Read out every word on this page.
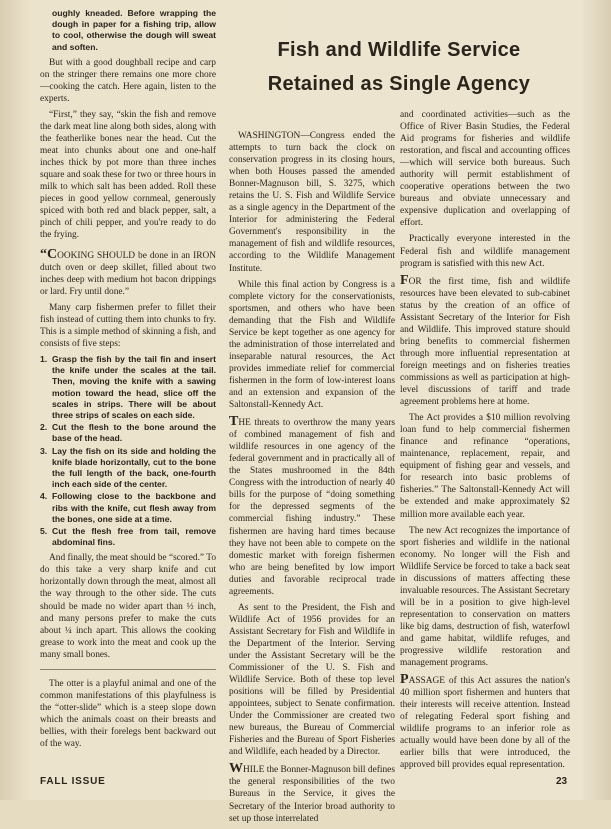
oughly kneaded. Before wrapping the dough in paper for a fishing trip, allow to cool, otherwise the dough will sweat and soften.

But with a good doughball recipe and carp on the stringer there remains one more chore—cooking the catch. Here again, listen to the experts.

“First,” they say, “skin the fish and remove the dark meat line along both sides, along with the featherlike bones near the head. Cut the meat into chunks about one and one-half inches thick by pot more than three inches square and soak these for two or three hours in milk to which salt has been added. Roll these pieces in good yellow cornmeal, generously spiced with both red and black pepper, salt, a pinch of chili pepper, and you're ready to do the frying.

“COOKING SHOULD be done in an IRON dutch oven or deep skillet, filled about two inches deep with medium hot bacon drippings or lard. Fry until done.”

Many carp fishermen prefer to fillet their fish instead of cutting them into chunks to fry. This is a simple method of skinning a fish, and consists of five steps:

1. Grasp the fish by the tail fin and insert the knife under the scales at the tail. Then, moving the knife with a sawing motion toward the head, slice off the scales in strips. There will be about three strips of scales on each side.
2. Cut the flesh to the bone around the base of the head.
3. Lay the fish on its side and holding the knife blade horizontally, cut to the bone the full length of the back, one-fourth inch each side of the center.
4. Following close to the backbone and ribs with the knife, cut flesh away from the bones, one side at a time.
5. Cut the flesh free from tail, remove abdominal fins.

And finally, the meat should be “scored.” To do this take a very sharp knife and cut horizontally down through the meat, almost all the way through to the other side. The cuts should be made no wider apart than ½ inch, and many persons prefer to make the cuts about ¼ inch apart. This allows the cooking grease to work into the meat and cook up the many small bones.

The otter is a playful animal and one of the common manifestations of this playfulness is the “otter-slide” which is a steep slope down which the animals coast on their breasts and bellies, with their forelegs bent backward out of the way.

Fish and Wildlife Service
Retained as Single Agency

WASHINGTON—Congress ended the attempts to turn back the clock on conservation progress in its closing hours, when both Houses passed the amended Bonner-Magnuson bill, S. 3275, which retains the U. S. Fish and Wildlife Service as a single agency in the Department of the Interior for administering the Federal Government's responsibility in the management of fish and wildlife resources, according to the Wildlife Management Institute.

While this final action by Congress is a complete victory for the conservationists, sportsmen, and others who have been demanding that the Fish and Wildlife Service be kept together as one agency for the administration of those interrelated and inseparable natural resources, the Act provides immediate relief for commercial fishermen in the form of low-interest loans and an extension and expansion of the Saltonstall-Kennedy Act.

THE threats to overthrow the many years of combined management of fish and wildlife resources in one agency of the federal government and in practically all of the States mushroomed in the 84th Congress with the introduction of nearly 40 bills for the purpose of “doing something for the depressed segments of the commercial fishing industry.” These fishermen are having hard times because they have not been able to compete on the domestic market with foreign fishermen who are being benefited by low import duties and favorable reciprocal trade agreements.

As sent to the President, the Fish and Wildlife Act of 1956 provides for an Assistant Secretary for Fish and Wildlife in the Department of the Interior. Serving under the Assistant Secretary will be the Commissioner of the U. S. Fish and Wildlife Service. Both of these top level positions will be filled by Presidential appointees, subject to Senate confirmation. Under the Commissioner are created two new bureaus, the Bureau of Commercial Fisheries and the Bureau of Sport Fisheries and Wildlife, each headed by a Director.

WHILE the Bonner-Magnuson bill defines the general responsibilities of the two Bureaus in the Service, it gives the Secretary of the Interior broad authority to set up those interrelated

and coordinated activities—such as the Office of River Basin Studies, the Federal Aid programs for fisheries and wildlife restoration, and fiscal and accounting offices—which will service both bureaus. Such authority will permit establishment of cooperative operations between the two bureaus and obviate unnecessary and expensive duplication and overlapping of effort.

Practically everyone interested in the Federal fish and wildlife management program is satisfied with this new Act.

FOR the first time, fish and wildlife resources have been elevated to sub-cabinet status by the creation of an office of Assistant Secretary of the Interior for Fish and Wildlife. This improved stature should bring benefits to commercial fishermen through more influential representation at foreign meetings and on fisheries treaties commissions as well as participation at high-level discussions of tariff and trade agreement problems here at home.

The Act provides a $10 million revolving loan fund to help commercial fishermen finance and refinance “operations, maintenance, replacement, repair, and equipment of fishing gear and vessels, and for research into basic problems of fisheries.” The Saltonstall-Kennedy Act will be extended and make approximately $2 million more available each year.

The new Act recognizes the importance of sport fisheries and wildlife in the national economy. No longer will the Fish and Wildlife Service be forced to take a back seat in discussions of matters affecting these invaluable resources. The Assistant Secretary will be in a position to give high-level representation to conservation on matters like big dams, destruction of fish, waterfowl and game habitat, wildlife refuges, and progressive wildlife restoration and management programs.

PASSAGE of this Act assures the nation's 40 million sport fishermen and hunters that their interests will receive attention. Instead of relegating Federal sport fishing and wildlife programs to an inferior role as actually would have been done by all of the earlier bills that were introduced, the approved bill provides equal representation.

FALL ISSUE	23
